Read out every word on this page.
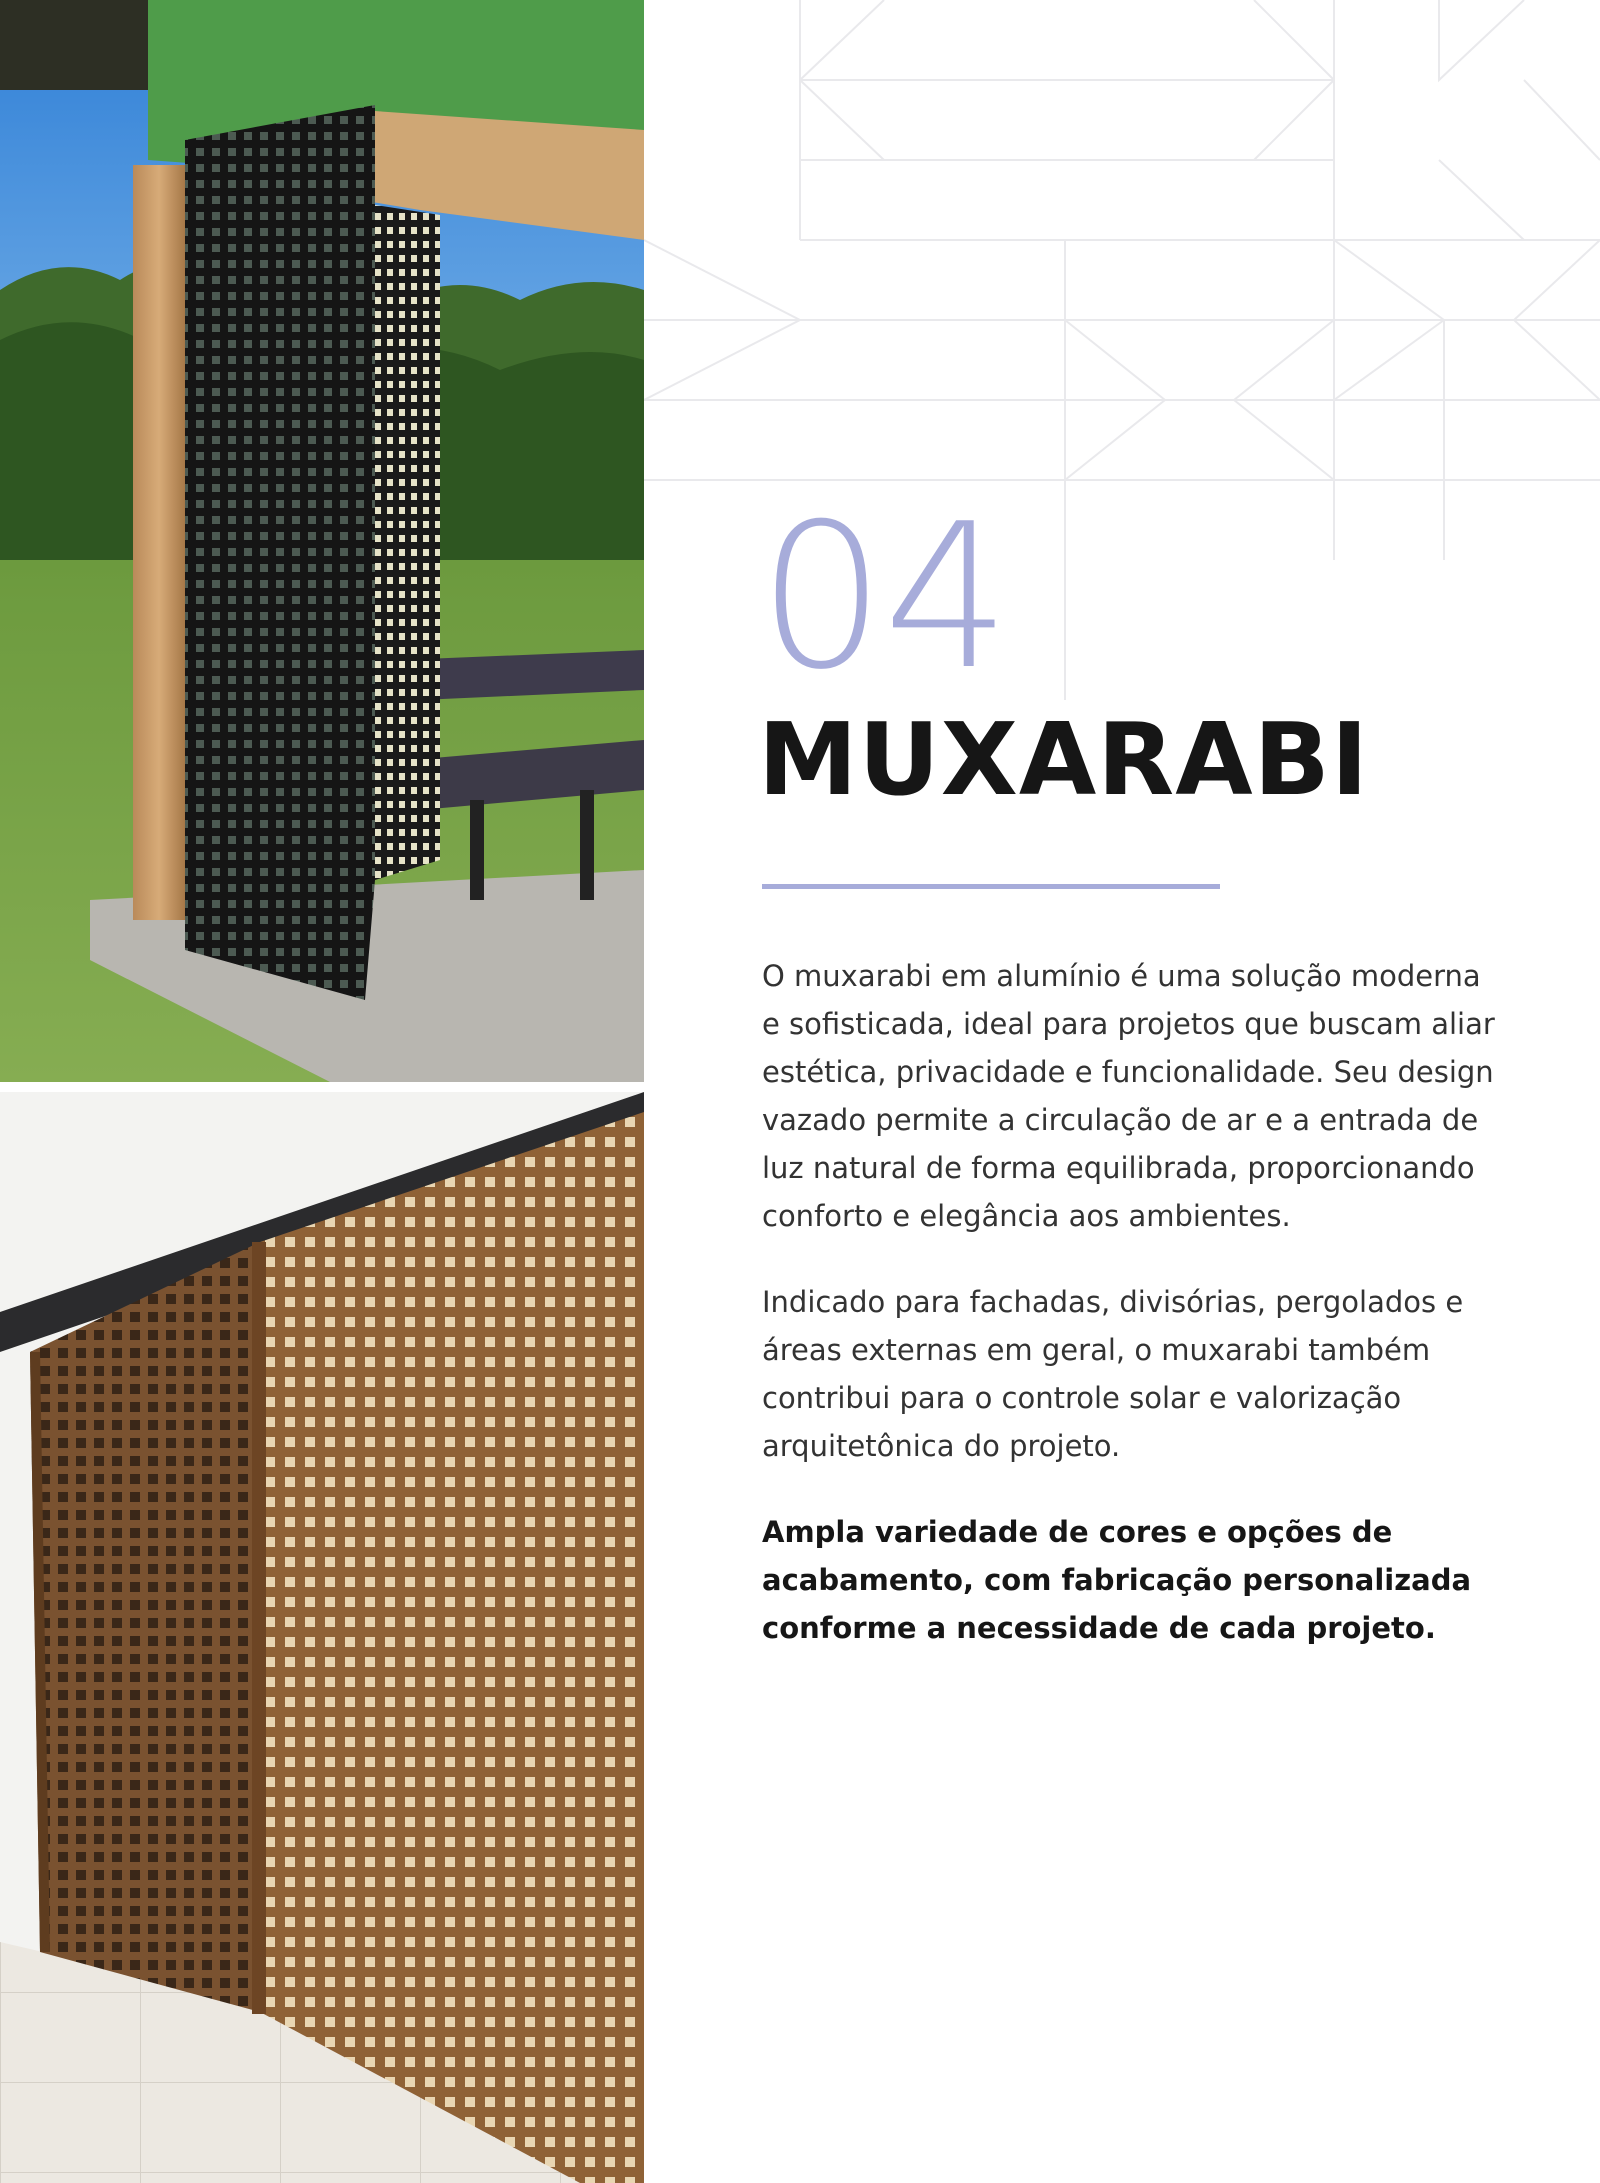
04
MUXARABI

O muxarabi em alumínio é uma solução moderna e sofisticada, ideal para projetos que buscam aliar estética, privacidade e funcionalidade. Seu design vazado permite a circulação de ar e a entrada de luz natural de forma equilibrada, proporcionando conforto e elegância aos ambientes.

Indicado para fachadas, divisórias, pergolados e áreas externas em geral, o muxarabi também contribui para o controle solar e valorização arquitetônica do projeto.

Ampla variedade de cores e opções de acabamento, com fabricação personalizada conforme a necessidade de cada projeto.
